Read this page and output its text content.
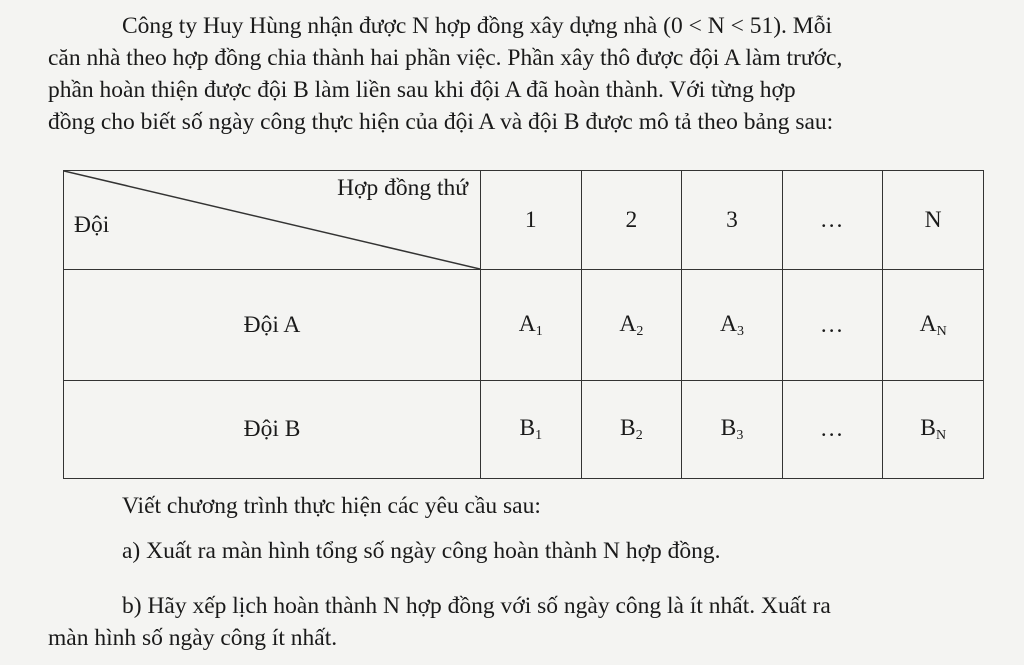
Công ty Huy Hùng nhận được N hợp đồng xây dựng nhà (0 < N < 51). Mỗi
căn nhà theo hợp đồng chia thành hai phần việc. Phần xây thô được đội A làm trước,
phần hoàn thiện được đội B làm liền sau khi đội A đã hoàn thành. Với từng hợp
đồng cho biết số ngày công thực hiện của đội A và đội B được mô tả theo bảng sau:
Hợp đồng thứ
Đội	1	2	3	…	N
Đội A	$A_1$	$A_2$	$A_3$	…	$A_N$
Đội B	$B_1$	$B_2$	$B_3$	…	$B_N$
Viết chương trình thực hiện các yêu cầu sau:
a) Xuất ra màn hình tổng số ngày công hoàn thành N hợp đồng.
b) Hãy xếp lịch hoàn thành N hợp đồng với số ngày công là ít nhất. Xuất ra
màn hình số ngày công ít nhất.
